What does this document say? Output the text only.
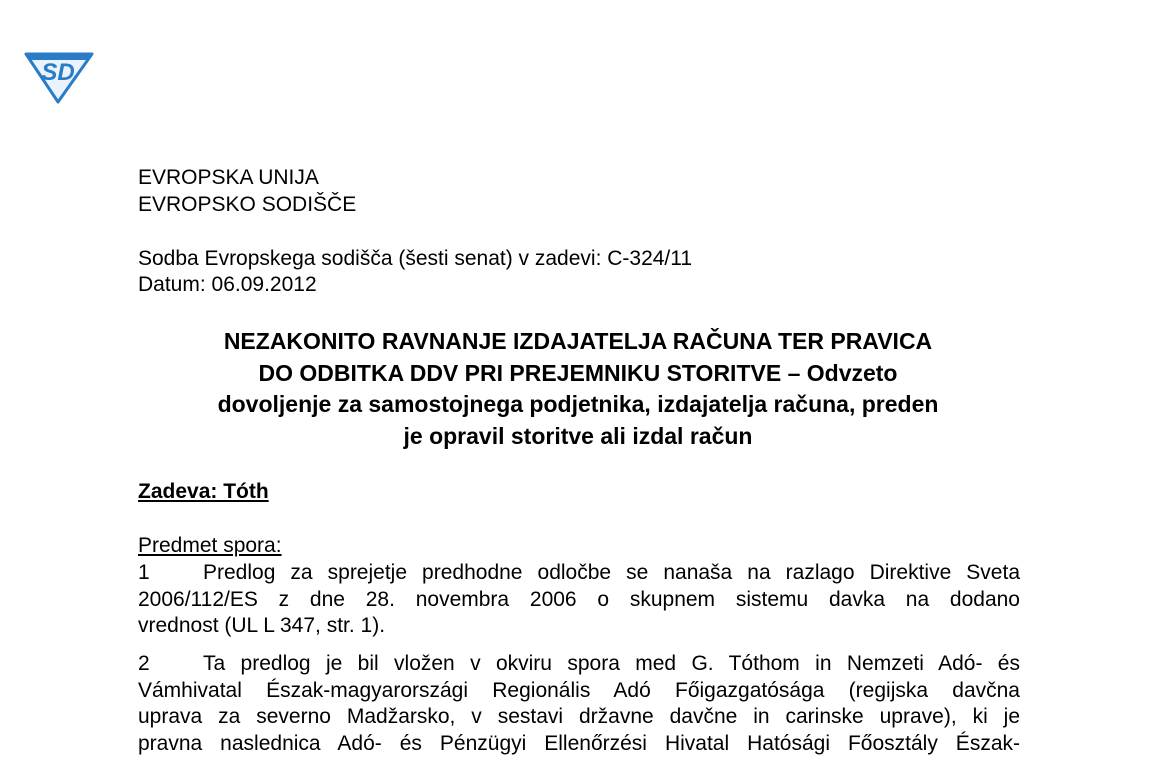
SD
EVROPSKA UNIJA
EVROPSKO SODIŠČE
Sodba Evropskega sodišča (šesti senat) v zadevi: C-324/11
Datum: 06.09.2012
NEZAKONITO RAVNANJE IZDAJATELJA RAČUNA TER PRAVICA
DO ODBITKA DDV PRI PREJEMNIKU STORITVE – Odvzeto
dovoljenje za samostojnega podjetnika, izdajatelja računa, preden
je opravil storitve ali izdal račun
Zadeva: Tóth
Predmet spora:
1	Predlog za sprejetje predhodne odločbe se nanaša na razlago Direktive Sveta
2006/112/ES z dne 28. novembra 2006 o skupnem sistemu davka na dodano
vrednost (UL L 347, str. 1).
2	Ta predlog je bil vložen v okviru spora med G. Tóthom in Nemzeti Adó- és
Vámhivatal Észak-magyarországi Regionális Adó Főigazgatósága (regijska davčna
uprava za severno Madžarsko, v sestavi državne davčne in carinske uprave), ki je
pravna naslednica Adó- és Pénzügyi Ellenőrzési Hivatal Hatósági Főosztály Észak-
